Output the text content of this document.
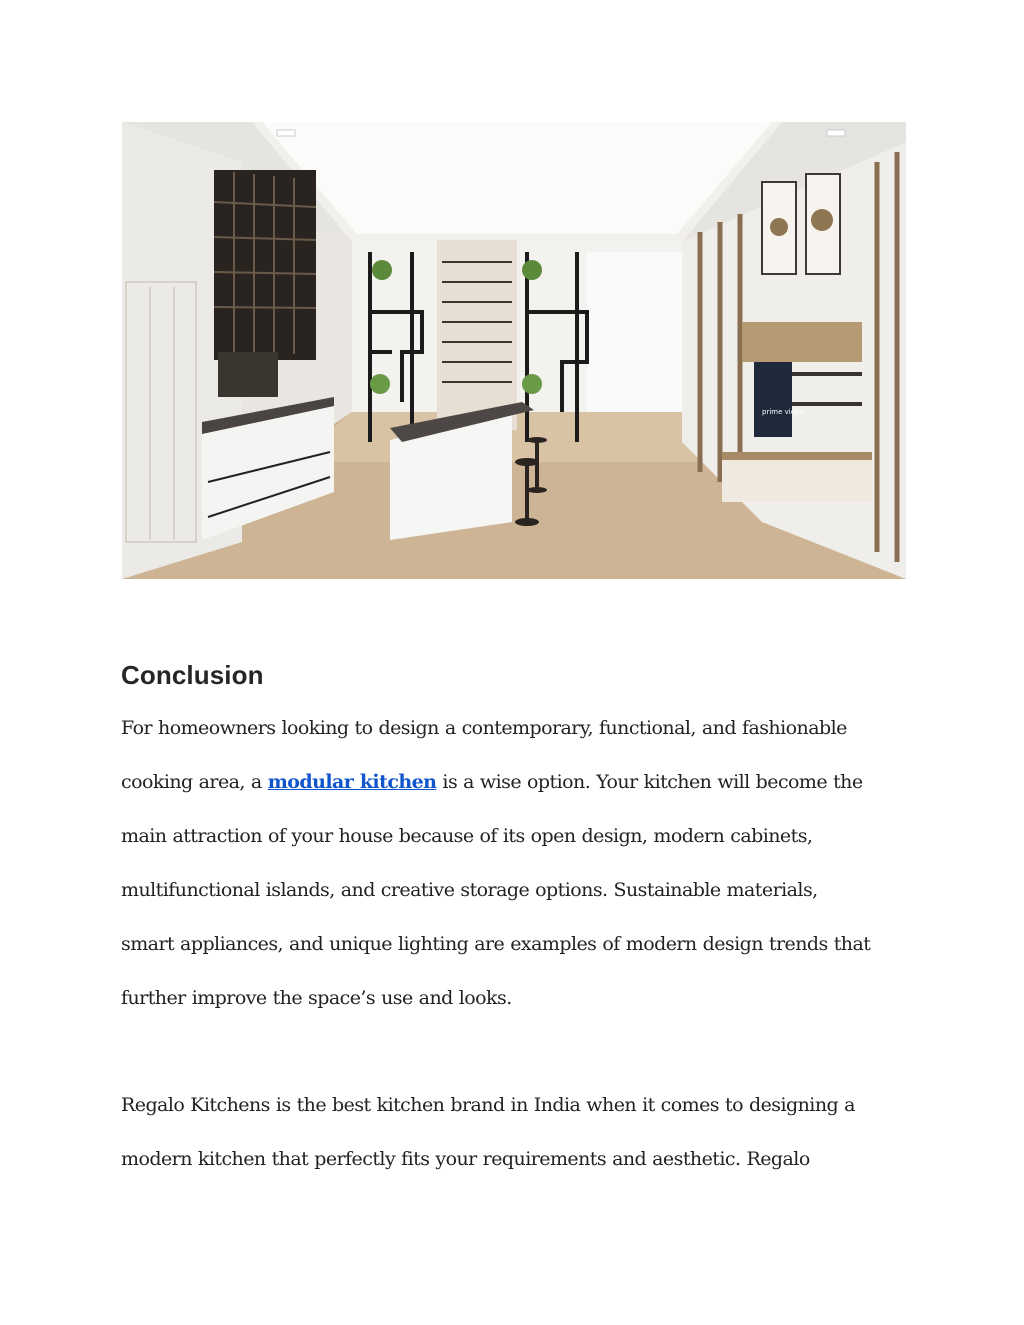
prime video
Conclusion
For homeowners looking to design a contemporary, functional, and fashionable
cooking area, a modular kitchen is a wise option. Your kitchen will become the
main attraction of your house because of its open design, modern cabinets,
multifunctional islands, and creative storage options. Sustainable materials,
smart appliances, and unique lighting are examples of modern design trends that
further improve the space’s use and looks.
Regalo Kitchens is the best kitchen brand in India when it comes to designing a
modern kitchen that perfectly fits your requirements and aesthetic. Regalo
